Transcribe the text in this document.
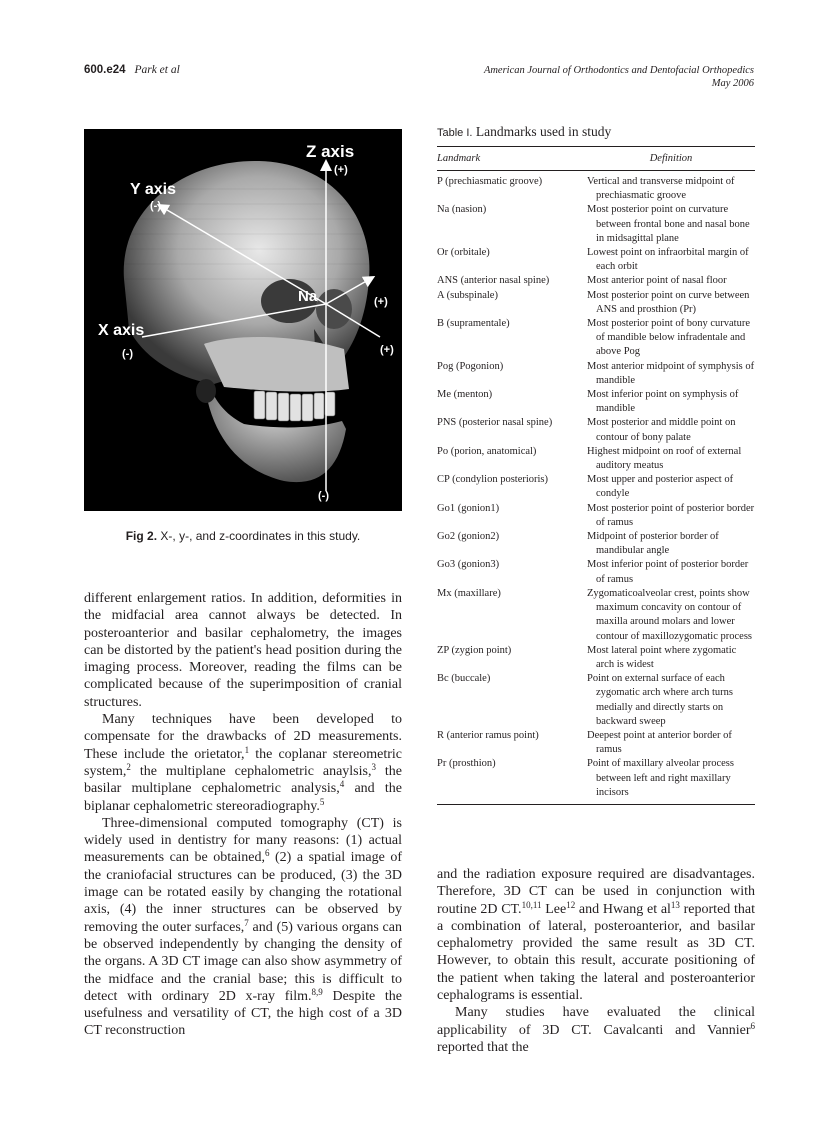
600.e24 Park et al	American Journal of Orthodontics and Dentofacial Orthopedics
May 2006
Z axis
(+)
Y axis
(-)
Na	(+)
X axis
(-)	(+)
(-)
Fig 2. X-, y-, and z-coordinates in this study.

different enlargement ratios. In addition, deformities in the midfacial area cannot always be detected. In posteroanterior and basilar cephalometry, the images can be distorted by the patient's head position during the imaging process. Moreover, reading the films can be complicated because of the superimposition of cranial structures.

Many techniques have been developed to compensate for the drawbacks of 2D measurements. These include the orietator,$^1$ the coplanar stereometric system,$^2$ the multiplane cephalometric anaylsis,$^3$ the basilar multiplane cephalometric analysis,$^4$ and the biplanar cephalometric stereoradiography.$^5$

Three-dimensional computed tomography (CT) is widely used in dentistry for many reasons: (1) actual measurements can be obtained,$^6$ (2) a spatial image of the craniofacial structures can be produced, (3) the 3D image can be rotated easily by changing the rotational axis, (4) the inner structures can be observed by removing the outer surfaces,$^7$ and (5) various organs can be observed independently by changing the density of the organs. A 3D CT image can also show asymmetry of the midface and the cranial base; this is difficult to detect with ordinary 2D x-ray film.$^{8,9}$ Despite the usefulness and versatility of CT, the high cost of a 3D CT reconstruction

Table I. Landmarks used in study
Landmark	Definition
P (prechiasmatic groove)	Vertical and transverse midpoint of prechiasmatic groove
Na (nasion)	Most posterior point on curvature between frontal bone and nasal bone in midsagittal plane
Or (orbitale)	Lowest point on infraorbital margin of each orbit
ANS (anterior nasal spine)	Most anterior point of nasal floor
A (subspinale)	Most posterior point on curve between ANS and prosthion (Pr)
B (supramentale)	Most posterior point of bony curvature of mandible below infradentale and above Pog
Pog (Pogonion)	Most anterior midpoint of symphysis of mandible
Me (menton)	Most inferior point on symphysis of mandible
PNS (posterior nasal spine)	Most posterior and middle point on contour of bony palate
Po (porion, anatomical)	Highest midpoint on roof of external auditory meatus
CP (condylion posterioris)	Most upper and posterior aspect of condyle
Go1 (gonion1)	Most posterior point of posterior border of ramus
Go2 (gonion2)	Midpoint of posterior border of mandibular angle
Go3 (gonion3)	Most inferior point of posterior border of ramus
Mx (maxillare)	Zygomaticoalveolar crest, points show maximum concavity on contour of maxilla around molars and lower contour of maxillozygomatic process
ZP (zygion point)	Most lateral point where zygomatic arch is widest
Bc (buccale)	Point on external surface of each zygomatic arch where arch turns medially and directly starts on backward sweep
R (anterior ramus point)	Deepest point at anterior border of ramus
Pr (prosthion)	Point of maxillary alveolar process between left and right maxillary incisors

and the radiation exposure required are disadvantages. Therefore, 3D CT can be used in conjunction with routine 2D CT.$^{10,11}$ Lee$^{12}$ and Hwang et $al^{13}$ reported that a combination of lateral, posteroanterior, and basilar cephalometry provided the same result as 3D CT. However, to obtain this result, accurate positioning of the patient when taking the lateral and posteroanterior cephalograms is essential.

Many studies have evaluated the clinical applicability of 3D CT. Cavalcanti and Vannier$^6$ reported that the
